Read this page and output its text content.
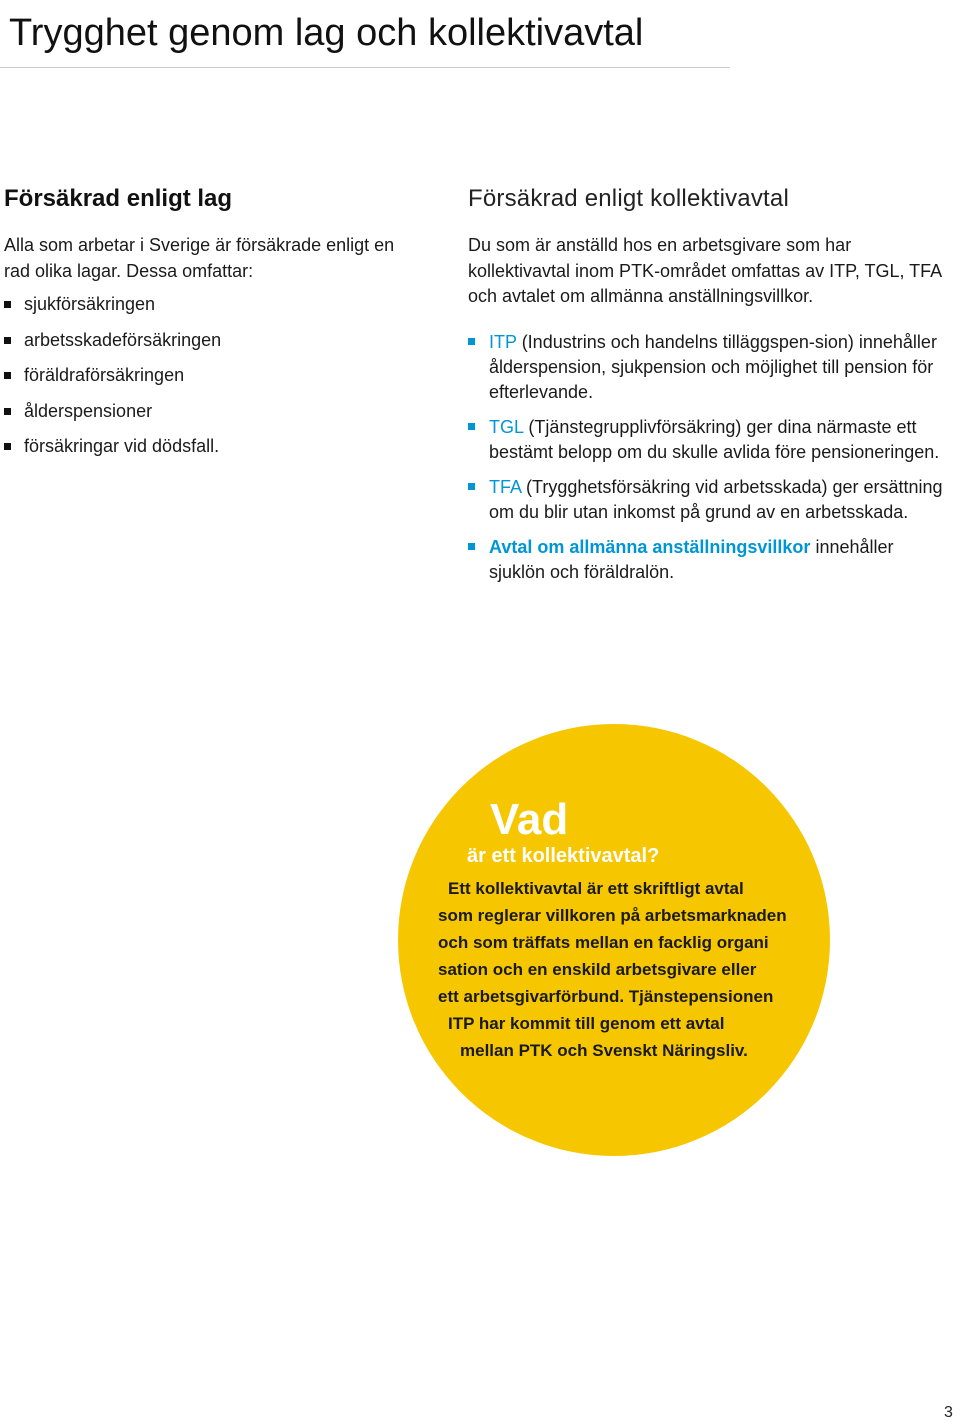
Trygghet genom lag och kollektivavtal
Försäkrad enligt lag

Alla som arbetar i Sverige är försäkrade enligt en rad olika lagar. Dessa omfattar:

sjukförsäkringen
arbetsskadeförsäkringen
föräldraförsäkringen
ålderspensioner
försäkringar vid dödsfall.
Försäkrad enligt kollektivavtal

Du som är anställd hos en arbetsgivare som har kollektivavtal inom PTK-området omfattas av ITP, TGL, TFA och avtalet om allmänna anställningsvillkor.

ITP (Industrins och handelns tilläggspen-sion) innehåller ålderspension, sjukpension och möjlighet till pension för efterlevande.
TGL (Tjänstegrupplivförsäkring) ger dina närmaste ett bestämt belopp om du skulle avlida före pensioneringen.
TFA (Trygghetsförsäkring vid arbetsskada) ger ersättning om du blir utan inkomst på grund av en arbetsskada.
Avtal om allmänna anställningsvillkor innehåller sjuklön och föräldralön.
Vad
är ett kollektivavtal?
Ett kollektivavtal är ett skriftligt avtal
som reglerar villkoren på arbetsmarknaden
och som träffats mellan en facklig organi
sation och en enskild arbetsgivare eller
ett arbetsgivarförbund. Tjänstepensionen
ITP har kommit till genom ett avtal
mellan PTK och Svenskt Näringsliv.
3
